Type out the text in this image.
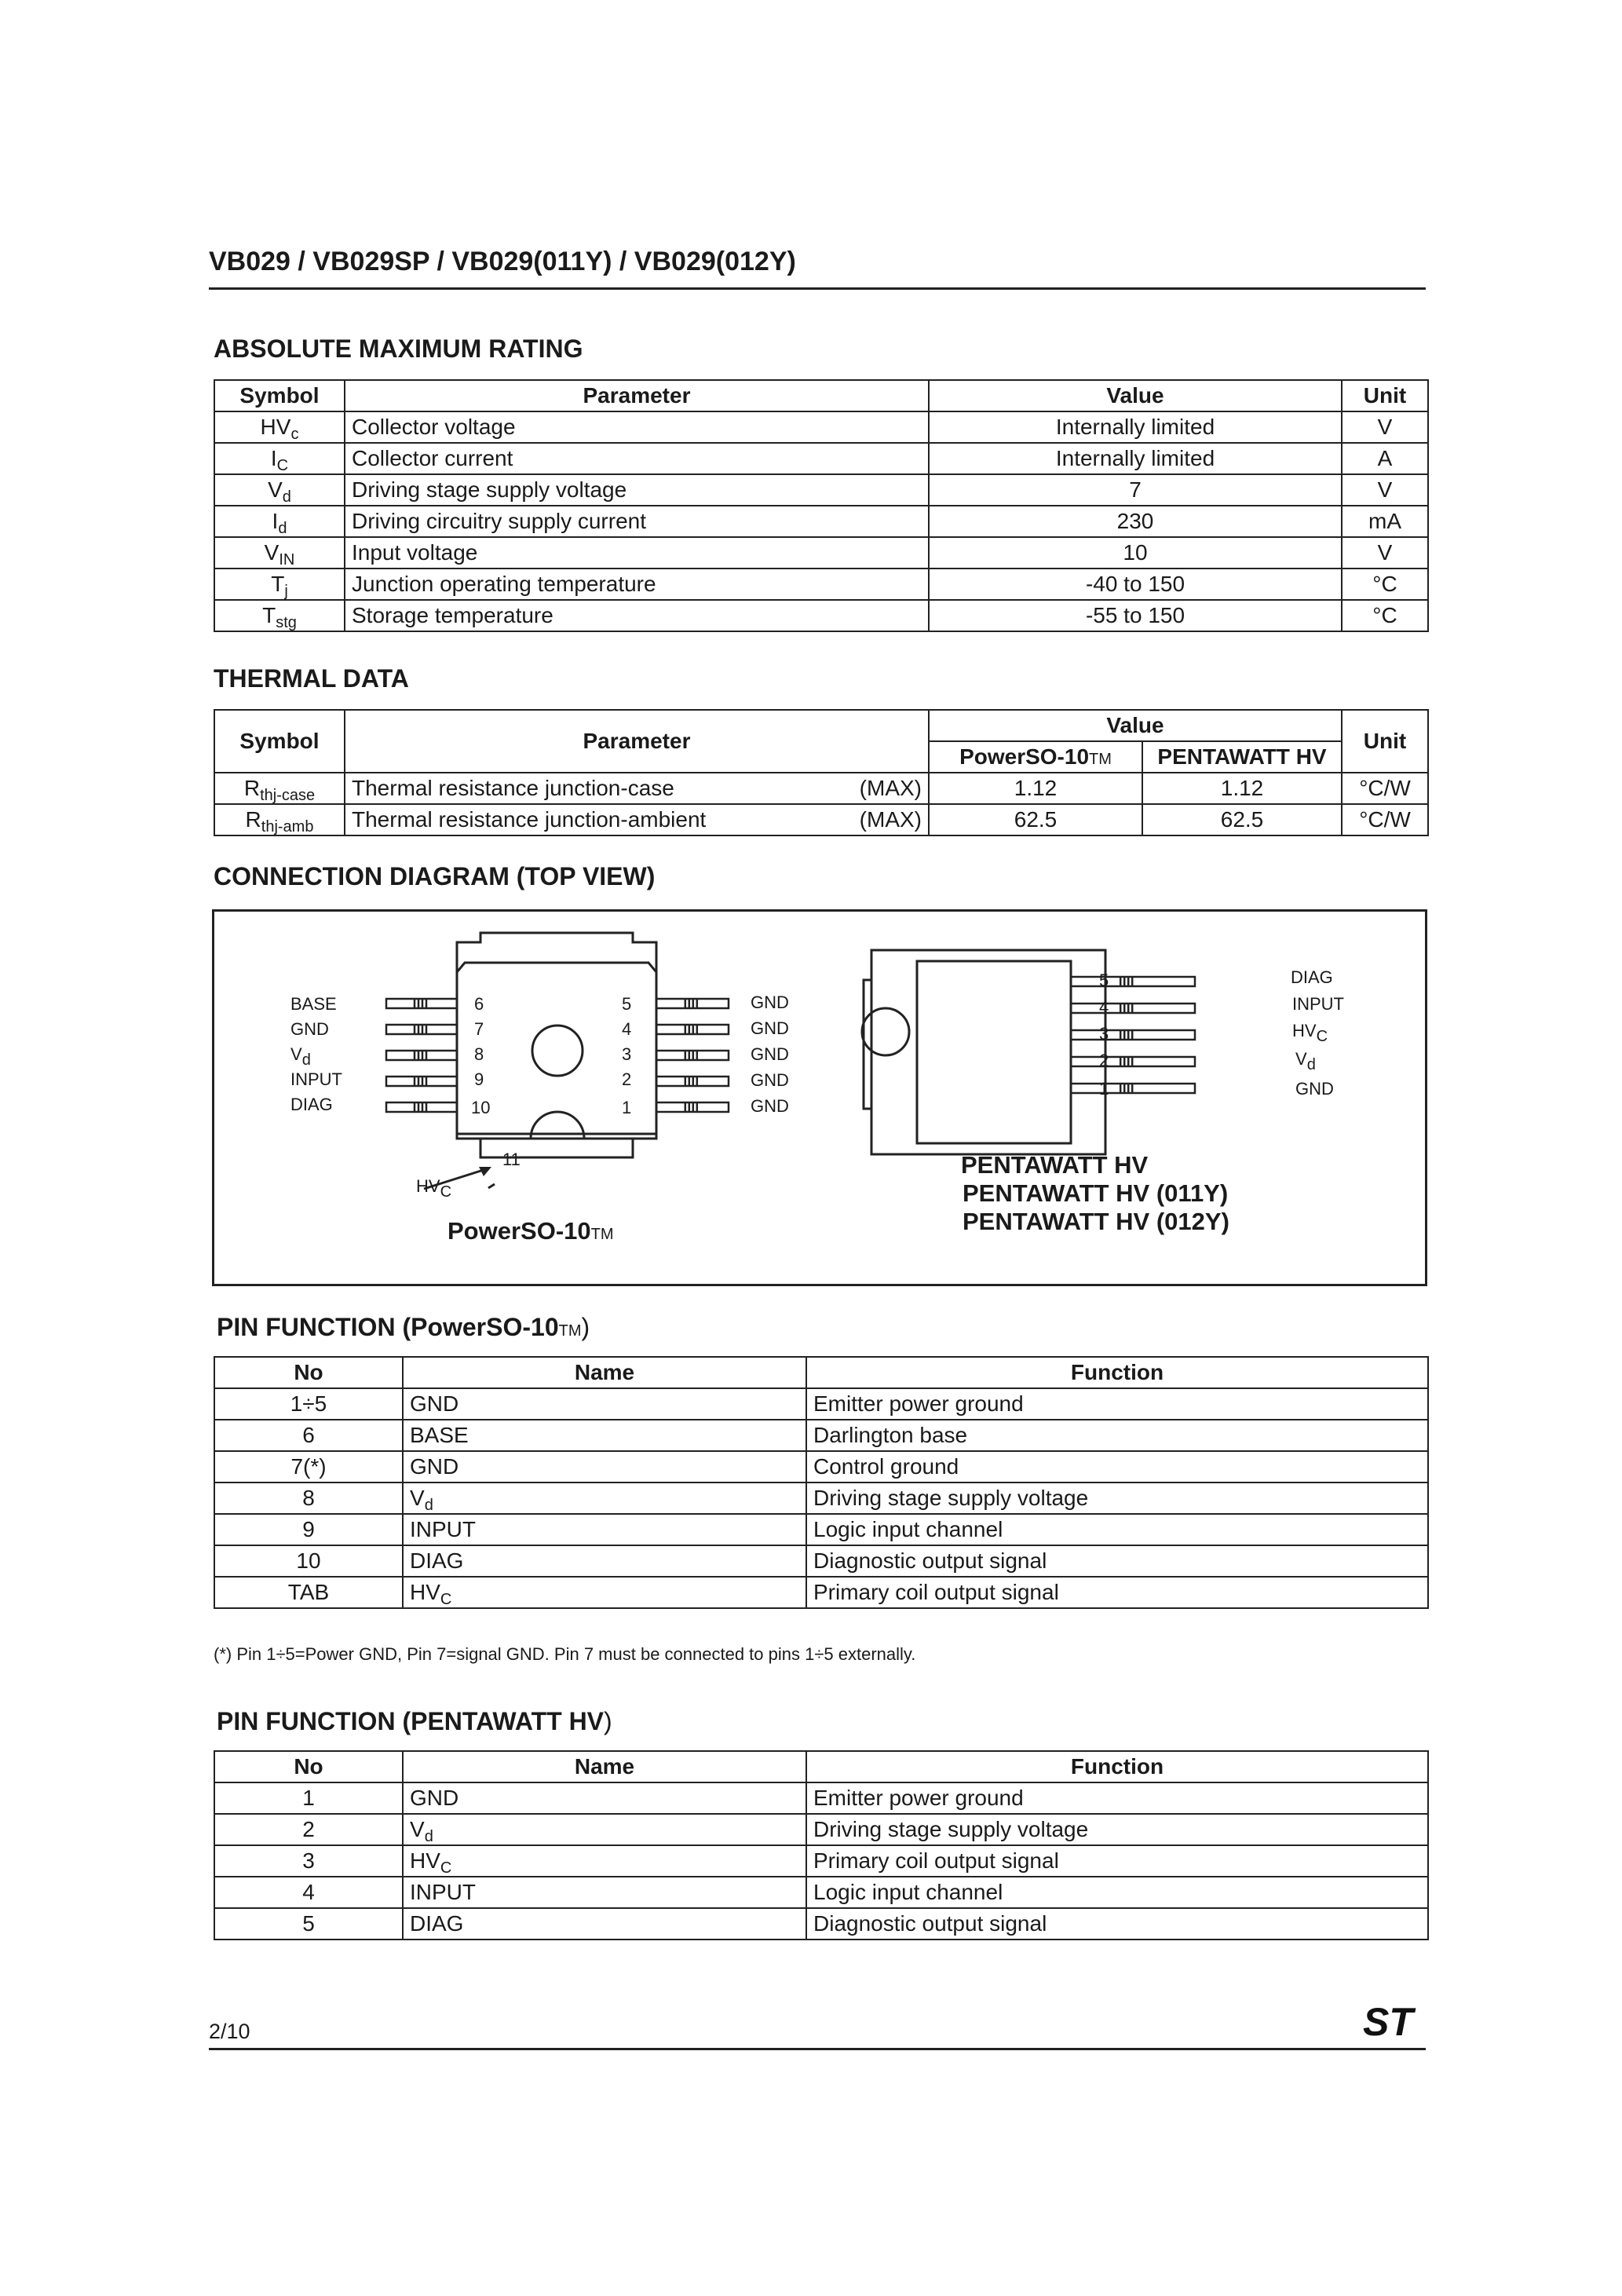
VB029 / VB029SP / VB029(011Y) / VB029(012Y)
ABSOLUTE MAXIMUM RATING
Symbol	Parameter	Value	Unit
$HV_c$	Collector voltage	Internally limited	V
$I_C$	Collector current	Internally limited	A
$V_d$	Driving stage supply voltage	7	V
$I_d$	Driving circuitry supply current	230	mA
$V_{IN}$	Input voltage	10	V
$T_j$	Junction operating temperature	-40 to 150	°C
$T_{stg}$	Storage temperature	-55 to 150	°C
THERMAL DATA
Symbol	Parameter	Value		Unit
		PowerSO-10TM	PENTAWATT HV	
$R_{thj-case}$	Thermal resistance junction-case (MAX)	1.12	1.12	°C/W
$R_{thj-amb}$	Thermal resistance junction-ambient (MAX)	62.5	62.5	°C/W
CONNECTION DIAGRAM (TOP VIEW)
BASE
GND
$V_d$
INPUT
DIAG
6
7
8
9
10
5
4
3
2
1
GND
GND
GND
GND
GND
11
$HV_C$
PowerSO-10TM
5
4
3
2
1
DIAG
INPUT
$HV_C$
$V_d$
GND
PENTAWATT HV
PENTAWATT HV (011Y)
PENTAWATT HV (012Y)
PIN FUNCTION (PowerSO-10TM)
No	Name	Function
1÷5	GND	Emitter power ground
6	BASE	Darlington base
7(*)	GND	Control ground
8	$V_d$	Driving stage supply voltage
9	INPUT	Logic input channel
10	DIAG	Diagnostic output signal
TAB	$HV_C$	Primary coil output signal
(*) Pin 1÷5=Power GND, Pin 7=signal GND. Pin 7 must be connected to pins 1÷5 externally.
PIN FUNCTION (PENTAWATT HV)
No	Name	Function
1	GND	Emitter power ground
2	$V_d$	Driving stage supply voltage
3	$HV_C$	Primary coil output signal
4	INPUT	Logic input channel
5	DIAG	Diagnostic output signal
2/10	ST
